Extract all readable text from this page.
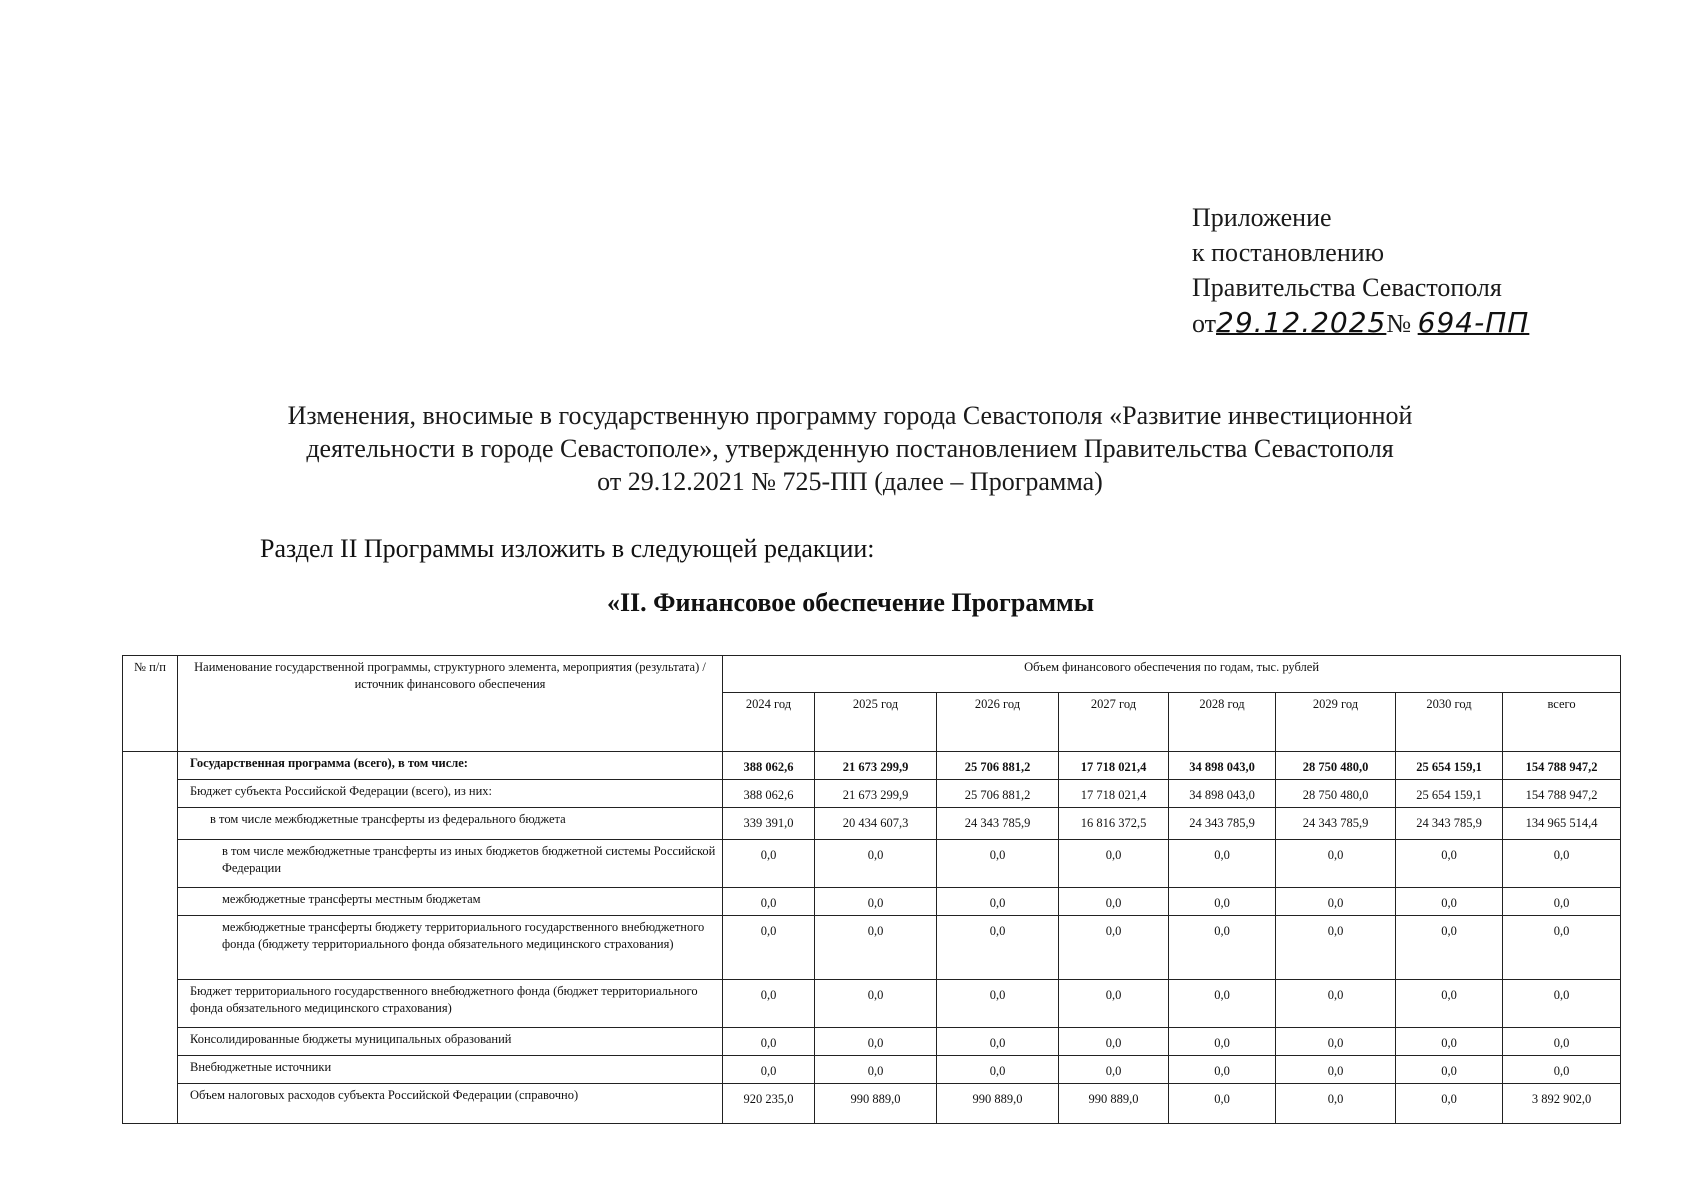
Приложение
к постановлению
Правительства Севастополя
от29.12.2025№ 694-ПП
Изменения, вносимые в государственную программу города Севастополя «Развитие инвестиционной
деятельности в городе Севастополе», утвержденную постановлением Правительства Севастополя
от 29.12.2021 № 725-ПП (далее – Программа)
Раздел II Программы изложить в следующей редакции:
«II. Финансовое обеспечение Программы
№ п/п	Наименование государственной программы, структурного элемента, мероприятия (результата) / источник финансового обеспечения	Объем финансового обеспечения по годам, тыс. рублей							
		2024 год	2025 год	2026 год	2027 год	2028 год	2029 год	2030 год	всего
	Государственная программа (всего), в том числе:	388 062,6	21 673 299,9	25 706 881,2	17 718 021,4	34 898 043,0	28 750 480,0	25 654 159,1	154 788 947,2
	Бюджет субъекта Российской Федерации (всего), из них:	388 062,6	21 673 299,9	25 706 881,2	17 718 021,4	34 898 043,0	28 750 480,0	25 654 159,1	154 788 947,2
	в том числе межбюджетные трансферты из федерального бюджета	339 391,0	20 434 607,3	24 343 785,9	16 816 372,5	24 343 785,9	24 343 785,9	24 343 785,9	134 965 514,4
	в том числе межбюджетные трансферты из иных бюджетов бюджетной системы Российской Федерации	0,0	0,0	0,0	0,0	0,0	0,0	0,0	0,0
	межбюджетные трансферты местным бюджетам	0,0	0,0	0,0	0,0	0,0	0,0	0,0	0,0
	межбюджетные трансферты бюджету территориального государственного внебюджетного фонда (бюджету территориального фонда обязательного медицинского страхования)	0,0	0,0	0,0	0,0	0,0	0,0	0,0	0,0
	Бюджет территориального государственного внебюджетного фонда (бюджет территориального фонда обязательного медицинского страхования)	0,0	0,0	0,0	0,0	0,0	0,0	0,0	0,0
	Консолидированные бюджеты муниципальных образований	0,0	0,0	0,0	0,0	0,0	0,0	0,0	0,0
	Внебюджетные источники	0,0	0,0	0,0	0,0	0,0	0,0	0,0	0,0
	Объем налоговых расходов субъекта Российской Федерации (справочно)	920 235,0	990 889,0	990 889,0	990 889,0	0,0	0,0	0,0	3 892 902,0
